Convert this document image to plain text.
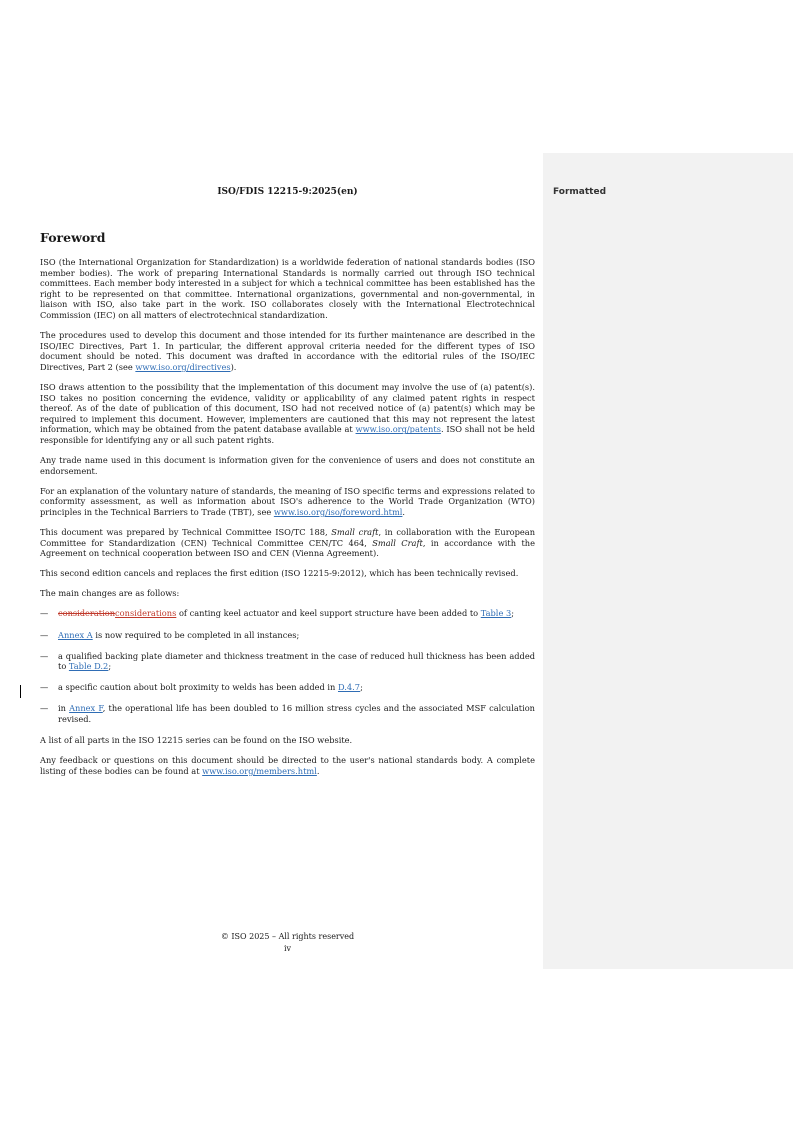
ISO/FDIS 12215-9:2025(en)
Foreword

ISO (the International Organization for Standardization) is a worldwide federation of national standards bodies (ISO member bodies). The work of preparing International Standards is normally carried out through ISO technical committees. Each member body interested in a subject for which a technical committee has been established has the right to be represented on that committee. International organizations, governmental and non-governmental, in liaison with ISO, also take part in the work. ISO collaborates closely with the International Electrotechnical Commission (IEC) on all matters of electrotechnical standardization.

The procedures used to develop this document and those intended for its further maintenance are described in the ISO/IEC Directives, Part 1. In particular, the different approval criteria needed for the different types of ISO document should be noted. This document was drafted in accordance with the editorial rules of the ISO/IEC Directives, Part 2 (see www.iso.org/directives).

ISO draws attention to the possibility that the implementation of this document may involve the use of (a) patent(s). ISO takes no position concerning the evidence, validity or applicability of any claimed patent rights in respect thereof. As of the date of publication of this document, ISO had not received notice of (a) patent(s) which may be required to implement this document. However, implementers are cautioned that this may not represent the latest information, which may be obtained from the patent database available at www.iso.org/patents. ISO shall not be held responsible for identifying any or all such patent rights.

Any trade name used in this document is information given for the convenience of users and does not constitute an endorsement.

For an explanation of the voluntary nature of standards, the meaning of ISO specific terms and expressions related to conformity assessment, as well as information about ISO's adherence to the World Trade Organization (WTO) principles in the Technical Barriers to Trade (TBT), see www.iso.org/iso/foreword.html.

This document was prepared by Technical Committee ISO/TC 188, Small craft, in collaboration with the European Committee for Standardization (CEN) Technical Committee CEN/TC 464, Small Craft, in accordance with the Agreement on technical cooperation between ISO and CEN (Vienna Agreement).

This second edition cancels and replaces the first edition (ISO 12215-9:2012), which has been technically revised.

The main changes are as follows:

— considerationconsiderations of canting keel actuator and keel support structure have been added to Table 3;
— Annex A is now required to be completed in all instances;
— a qualified backing plate diameter and thickness treatment in the case of reduced hull thickness has been added to Table D.2;
— a specific caution about bolt proximity to welds has been added in D.4.7;
— in Annex F, the operational life has been doubled to 16 million stress cycles and the associated MSF calculation revised.

A list of all parts in the ISO 12215 series can be found on the ISO website.

Any feedback or questions on this document should be directed to the user's national standards body. A complete listing of these bodies can be found at www.iso.org/members.html.

© ISO 2025 – All rights reserved
iv
Formatted
